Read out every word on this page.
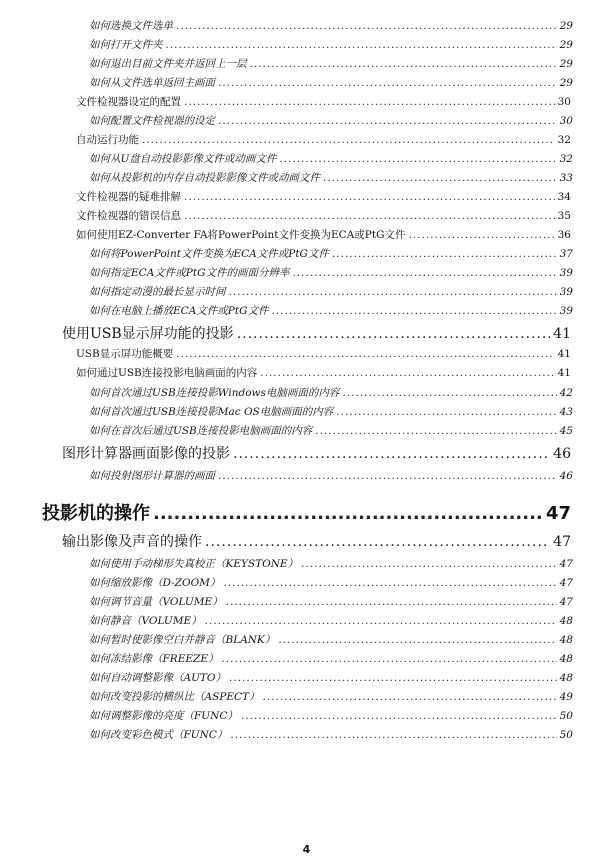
如何选换文件选单 .....	29
如何打开文件夹 .....	29
如何退出目前文件夹并返回上一层 .....	29
如何从文件选单返回主画面 .....	29
文件检视器设定的配置 .....	30
如何配置文件检视器的设定 .....	30
自动运行功能 .....	32
如何从U盘自动投影影像文件或动画文件 .....	32
如何从投影机的内存自动投影影像文件或动画文件 .....	33
文件检视器的疑难排解 .....	34
文件检视器的错误信息 .....	35
如何使用EZ-Converter FA将PowerPoint文件变换为ECA或PtG文件 .....	36
如何将PowerPoint文件变换为ECA文件或PtG文件 .....	37
如何指定ECA文件或PtG文件的画面分辨率 .....	39
如何指定动漫的最长显示时间 .....	39
如何在电脑上播放ECA文件或PtG文件 .....	39
使用USB显示屏功能的投影 .....	41
USB显示屏功能概要 .....	41
如何通过USB连接投影电脑画面的内容 .....	41
如何首次通过USB连接投影Windows电脑画面的内容 .....	42
如何首次通过USB连接投影Mac OS电脑画面的内容 .....	43
如何在首次后通过USB连接投影电脑画面的内容 .....	45
图形计算器画面影像的投影 .....	46
如何投射图形计算器的画面 .....	46
投影机的操作 .....	47
输出影像及声音的操作 .....	47
如何使用手动梯形失真校正（KEYSTONE） .....	47
如何缩放影像（D-ZOOM） .....	47
如何调节音量（VOLUME） .....	47
如何静音（VOLUME） .....	48
如何暂时使影像空白并静音（BLANK） .....	48
如何冻结影像（FREEZE） .....	48
如何自动调整影像（AUTO） .....	48
如何改变投影的横纵比（ASPECT） .....	49
如何调整影像的亮度（FUNC） .....	50
如何改变彩色模式（FUNC） .....	50
4
